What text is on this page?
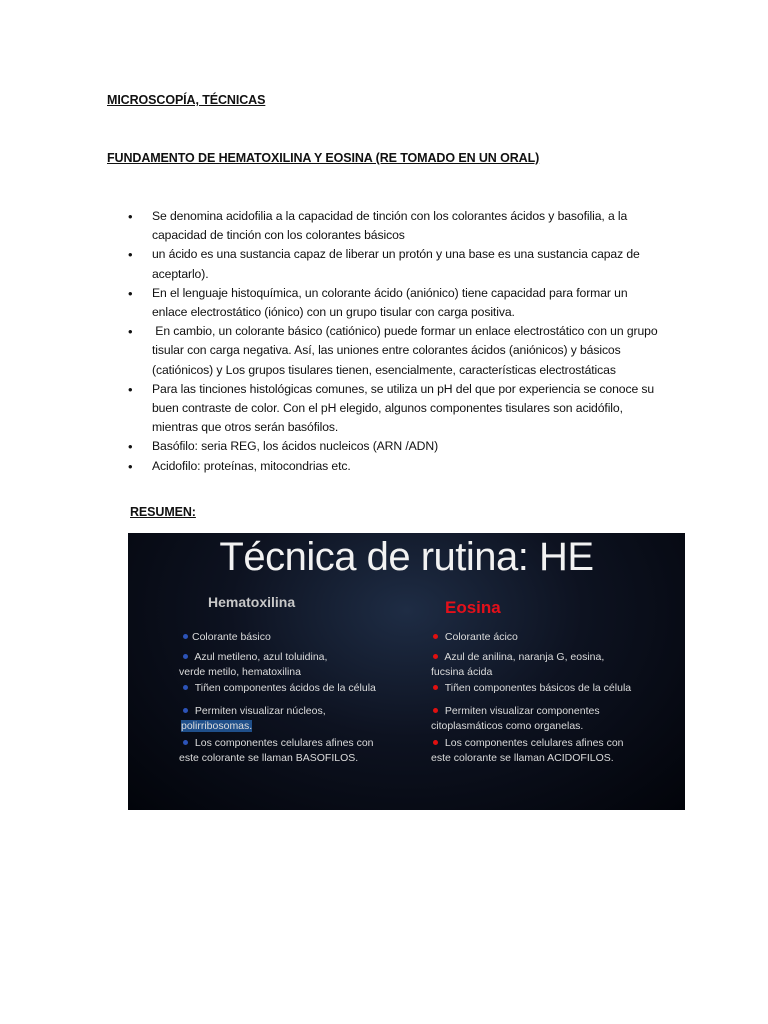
MICROSCOPÍA, TÉCNICAS
FUNDAMENTO DE HEMATOXILINA Y EOSINA (RE TOMADO EN UN ORAL)
• Se denomina acidofilia a la capacidad de tinción con los colorantes ácidos y basofilia, a la capacidad de tinción con los colorantes básicos
• un ácido es una sustancia capaz de liberar un protón y una base es una sustancia capaz de aceptarlo).
• En el lenguaje histoquímica, un colorante ácido (aniónico) tiene capacidad para formar un enlace electrostático (iónico) con un grupo tisular con carga positiva.
• En cambio, un colorante básico (catiónico) puede formar un enlace electrostático con un grupo tisular con carga negativa. Así, las uniones entre colorantes ácidos (aniónicos) y básicos (catiónicos) y Los grupos tisulares tienen, esencialmente, características electrostáticas
• Para las tinciones histológicas comunes, se utiliza un pH del que por experiencia se conoce su buen contraste de color. Con el pH elegido, algunos componentes tisulares son acidófilo, mientras que otros serán basófilos.
• Basófilo: seria REG, los ácidos nucleicos (ARN /ADN)
• Acidofilo: proteínas, mitocondrias etc.
RESUMEN:
Técnica de rutina: HE
Hematoxilina	Eosina
Colorante básico
Azul metileno, azul toluidina,
verde metilo, hematoxilina
Tiñen componentes ácidos de la célula
Permiten visualizar núcleos,
polirribosomas.
Los componentes celulares afines con
este colorante se llaman BASOFILOS.
Colorante ácico
Azul de anilina, naranja G, eosina,
fucsina ácida
Tiñen componentes básicos de la célula
Permiten visualizar componentes
citoplasmáticos como organelas.
Los componentes celulares afines con
este colorante se llaman ACIDOFILOS.
